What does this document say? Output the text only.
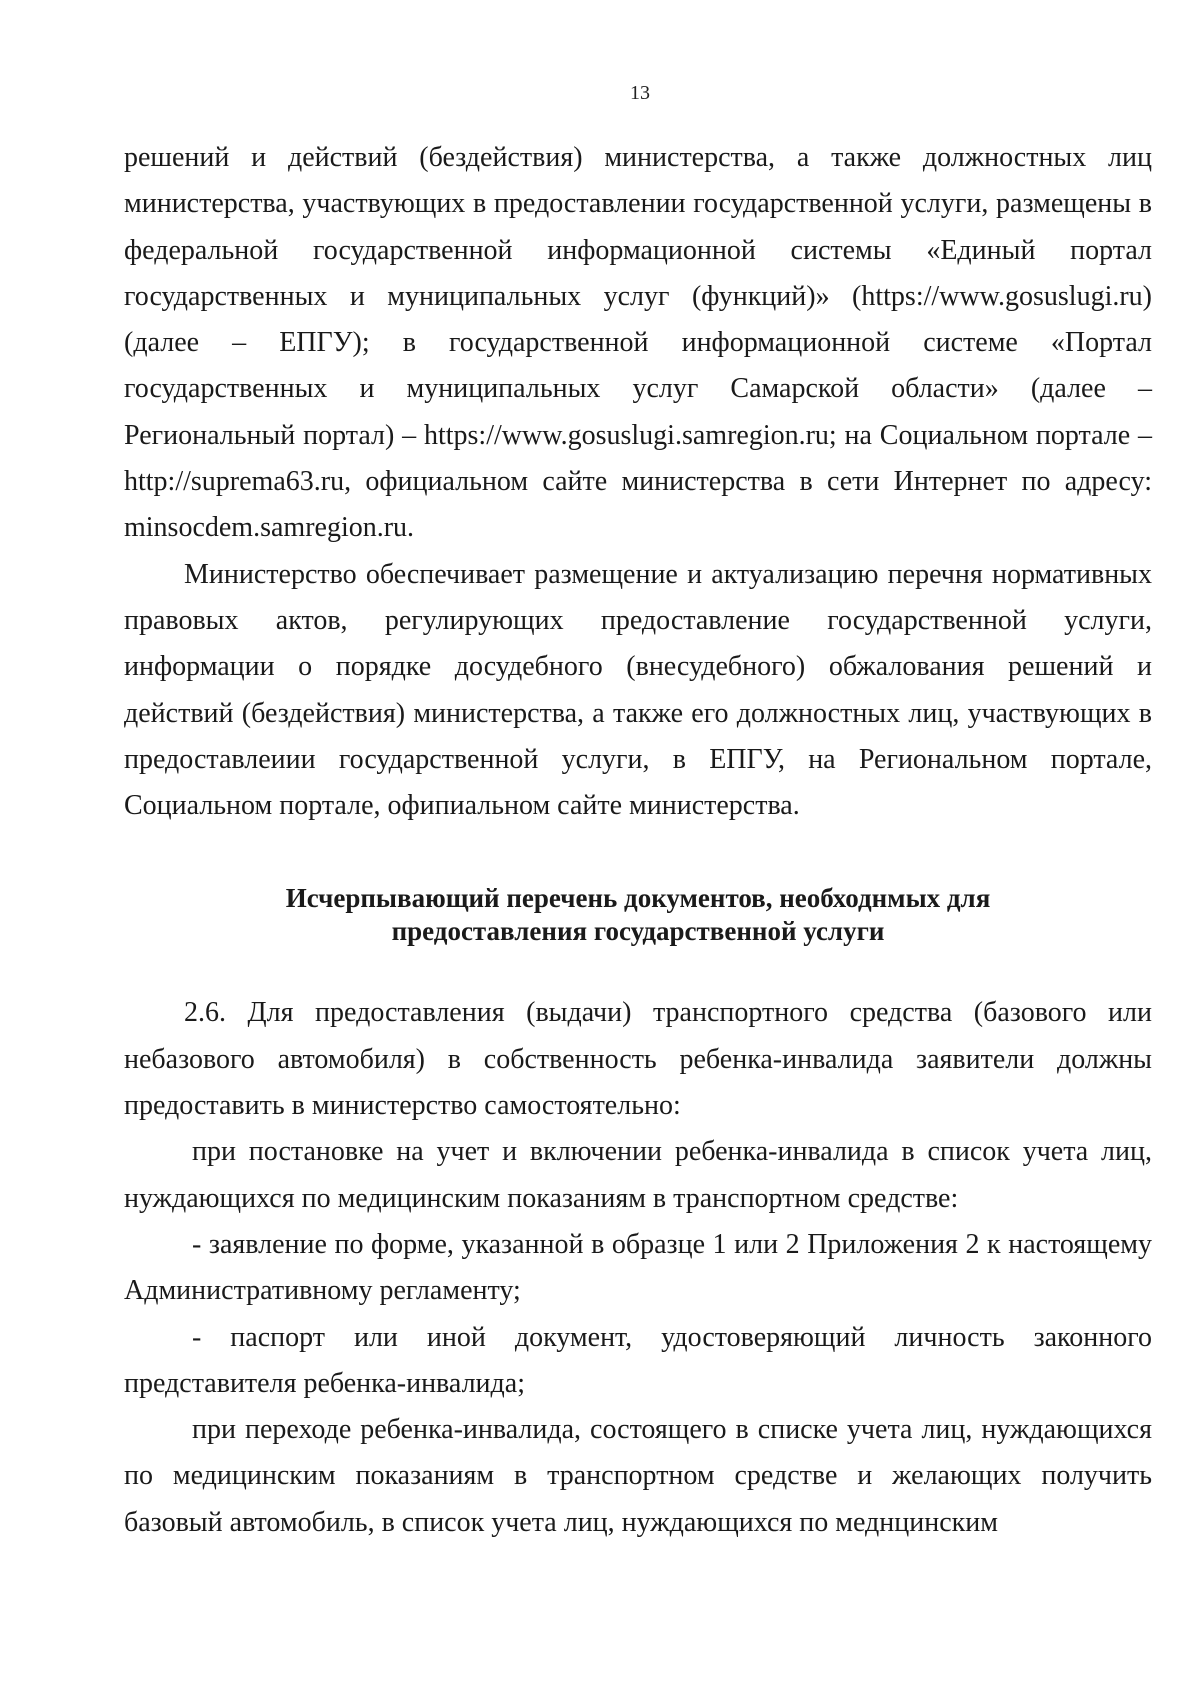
13

решений и действий (бездействия) министерства, а также должностных лиц министерства, участвующих в предоставлении государственной услуги, размещены в федеральной государственной информационной системы «Единый портал государственных и муниципальных услуг (функций)» (https://www.gosuslugi.ru) (далее – ЕПГУ); в государственной информационной системе «Портал государственных и муниципальных услуг Самарской области» (далее – Региональный портал) – https://www.gosuslugi.samregion.ru; на Социальном портале – http://suprema63.ru, официальном сайте министерства в сети Интернет по адресу: minsocdem.samregion.ru.

Министерство обеспечивает размещение и актуализацию перечня нормативных правовых актов, регулирующих предоставление государственной услуги, информации о порядке досудебного (внесудебного) обжалования решений и действий (бездействия) министерства, а также его должностных лиц, участвующих в предоставлеиии государственной услуги, в ЕПГУ, на Региональном портале, Социальном портале, офипиальном сайте министерства.

Исчерпывающий перечень документов, необходнмых для
предоставления государственной услуги

2.6. Для предоставления (выдачи) транспортного средства (базового или небазового автомобиля) в собственность ребенка-инвалида заявители должны предоставить в министерство самостоятельно:

при постановке на учет и включении ребенка-инвалида в список учета лиц, нуждающихся по медицинским показаниям в транспортном средстве:

- заявление по форме, указанной в образце 1 или 2 Приложения 2 к настоящему Административному регламенту;

- паспорт или иной документ, удостоверяющий личность законного представителя ребенка-инвалида;

при переходе ребенка-инвалида, состоящего в списке учета лиц, нуждающихся по медицинским показаниям в транспортном средстве и желающих получить базовый автомобиль, в список учета лиц, нуждающихся по меднцинским
